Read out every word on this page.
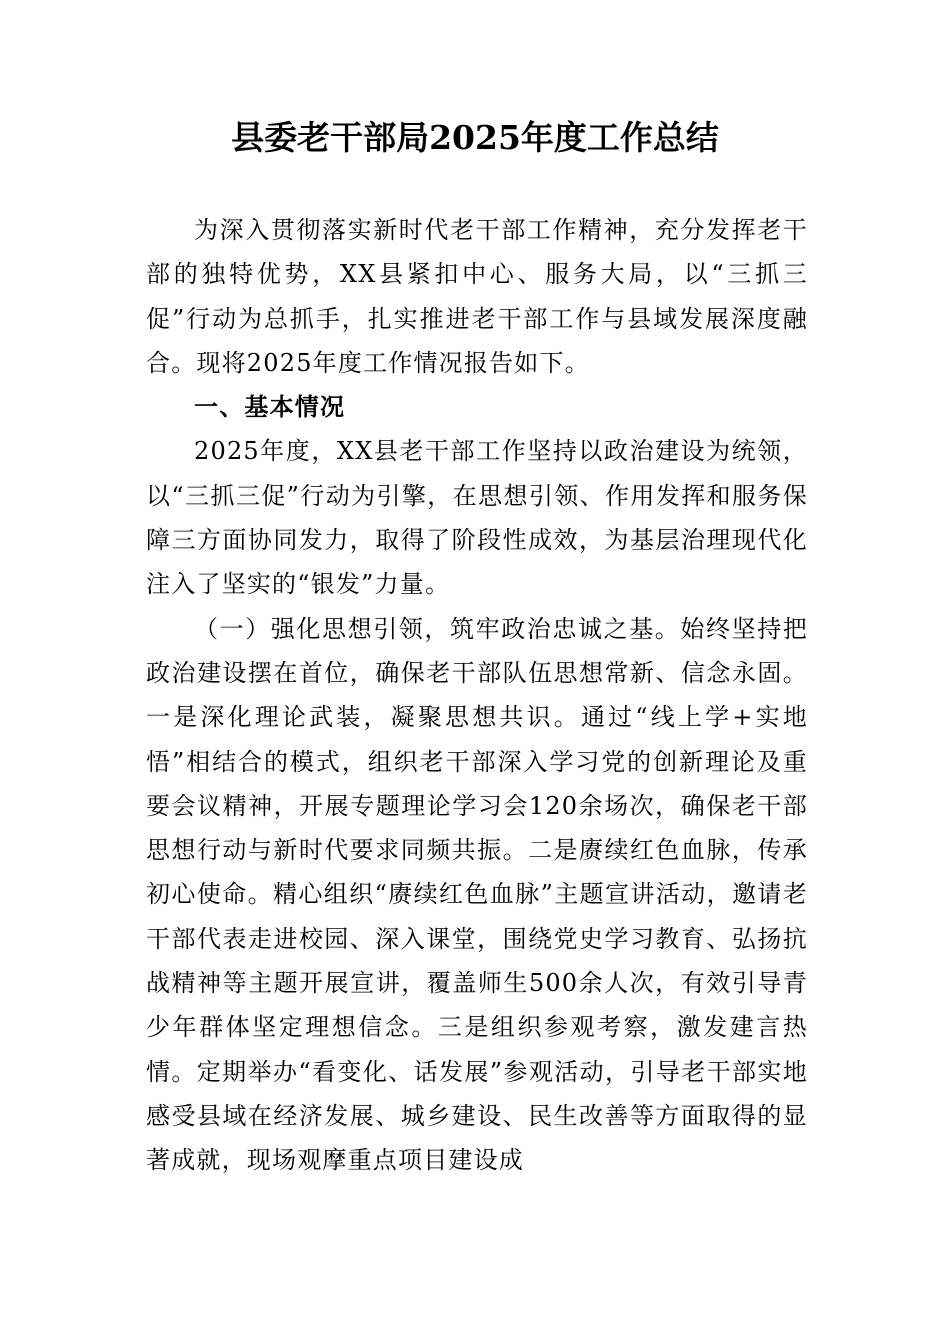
县委老干部局2025年度工作总结

为深入贯彻落实新时代老干部工作精神，充分发挥老干部的独特优势，XX县紧扣中心、服务大局，以“三抓三促”行动为总抓手，扎实推进老干部工作与县域发展深度融合。现将2025年度工作情况报告如下。

一、基本情况

2025年度，XX县老干部工作坚持以政治建设为统领，以“三抓三促”行动为引擎，在思想引领、作用发挥和服务保障三方面协同发力，取得了阶段性成效，为基层治理现代化注入了坚实的“银发”力量。

（一）强化思想引领，筑牢政治忠诚之基。始终坚持把政治建设摆在首位，确保老干部队伍思想常新、信念永固。一是深化理论武装，凝聚思想共识。通过“线上学+实地悟”相结合的模式，组织老干部深入学习党的创新理论及重要会议精神，开展专题理论学习会120余场次，确保老干部思想行动与新时代要求同频共振。二是赓续红色血脉，传承初心使命。精心组织“赓续红色血脉”主题宣讲活动，邀请老干部代表走进校园、深入课堂，围绕党史学习教育、弘扬抗战精神等主题开展宣讲，覆盖师生500余人次，有效引导青少年群体坚定理想信念。三是组织参观考察，激发建言热情。定期举办“看变化、话发展”参观活动，引导老干部实地感受县域在经济发展、城乡建设、民生改善等方面取得的显著成就，现场观摩重点项目建设成
